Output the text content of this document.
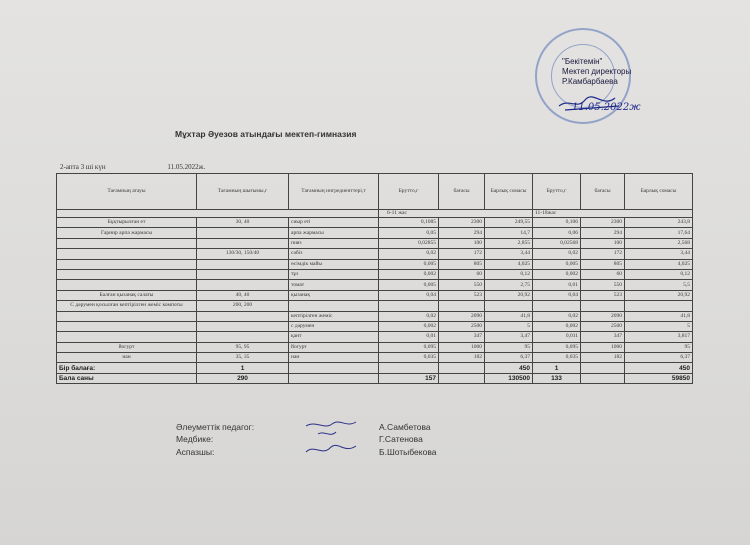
"Бекітемін"
Мектеп директоры
Р.Камбарбаева
11.05.2022ж
Мұхтар Әуезов атындағы мектеп-гимназия
2-апта 3 ші күн	11.05.2022ж.
Тағамның атауы	Тағамның шығымы,г	Тағамның ингредиенттері,т	Брутто,г	бағасы	Барлық сомасы	Брутто,г	бағасы	Барлық сомасы
			6-11 жас			11-18жас		
Бұқтырылған ет	30, 40	сиыр еті	0,1085	2300	249,55	0,106	2300	243,8
Гарнир арпа жармасы		арпа жармасы	0,05	294	14,7	0,06	294	17,64
		пияз	0,02855	100	2,855	0,02568	100	2,568
	130/30, 150/40	сәбіз	0,02	172	3,44	0,02	172	3,44
		өсімдік майы	0,005	805	4,025	0,005	805	4,025
		тұз	0,002	60	0,12	0,002	60	0,12
		томат	0,005	550	2,75	0,01	550	5,5
Балған қызанақ салаты	40, 40	қызанақ	0,04	523	20,92	0,04	523	20,92
С дәрумен қосылған кептірілген жеміс компоты	200, 200							
		кептірілген жеміс	0,02	2090	41,8	0,02	2090	41,8
		с дәрумен	0,002	2500	5	0,002	2500	5
		қант	0,01	347	3,47	0,011	347	3,817
йогурт	95, 95	йогурт	0,095	1000	95	0,095	1000	95
нан	35, 35	нан	0,035	182	6,37	0,035	182	6,37
Бір балаға:	1				450	1		450
Бала саны	290		157		130500	133		59850
Әлеуметтік педагог:
Медбике:
Аспазшы:
А.Самбетова
Г.Сатенова
Б.Шотыбекова
